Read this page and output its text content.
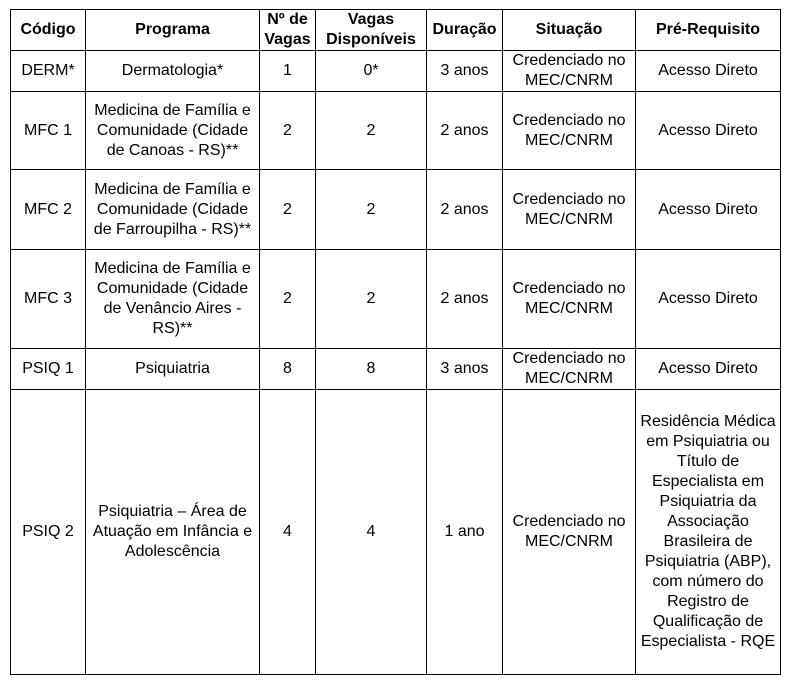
Código	Programa	Nº de Vagas	Vagas Disponíveis	Duração	Situação	Pré-Requisito
DERM*	Dermatologia*	1	0*	3 anos	Credenciado no MEC/CNRM	Acesso Direto
MFC 1	Medicina de Família e Comunidade (Cidade de Canoas - RS)**	2	2	2 anos	Credenciado no MEC/CNRM	Acesso Direto
MFC 2	Medicina de Família e Comunidade (Cidade de Farroupilha - RS)**	2	2	2 anos	Credenciado no MEC/CNRM	Acesso Direto
MFC 3	Medicina de Família e Comunidade (Cidade de Venâncio Aires - RS)**	2	2	2 anos	Credenciado no MEC/CNRM	Acesso Direto
PSIQ 1	Psiquiatria	8	8	3 anos	Credenciado no MEC/CNRM	Acesso Direto
PSIQ 2	Psiquiatria – Área de Atuação em Infância e Adolescência	4	4	1 ano	Credenciado no MEC/CNRM	Residência Médica em Psiquiatria ou Título de Especialista em Psiquiatria da Associação Brasileira de Psiquiatria (ABP), com número do Registro de Qualificação de Especialista - RQE
